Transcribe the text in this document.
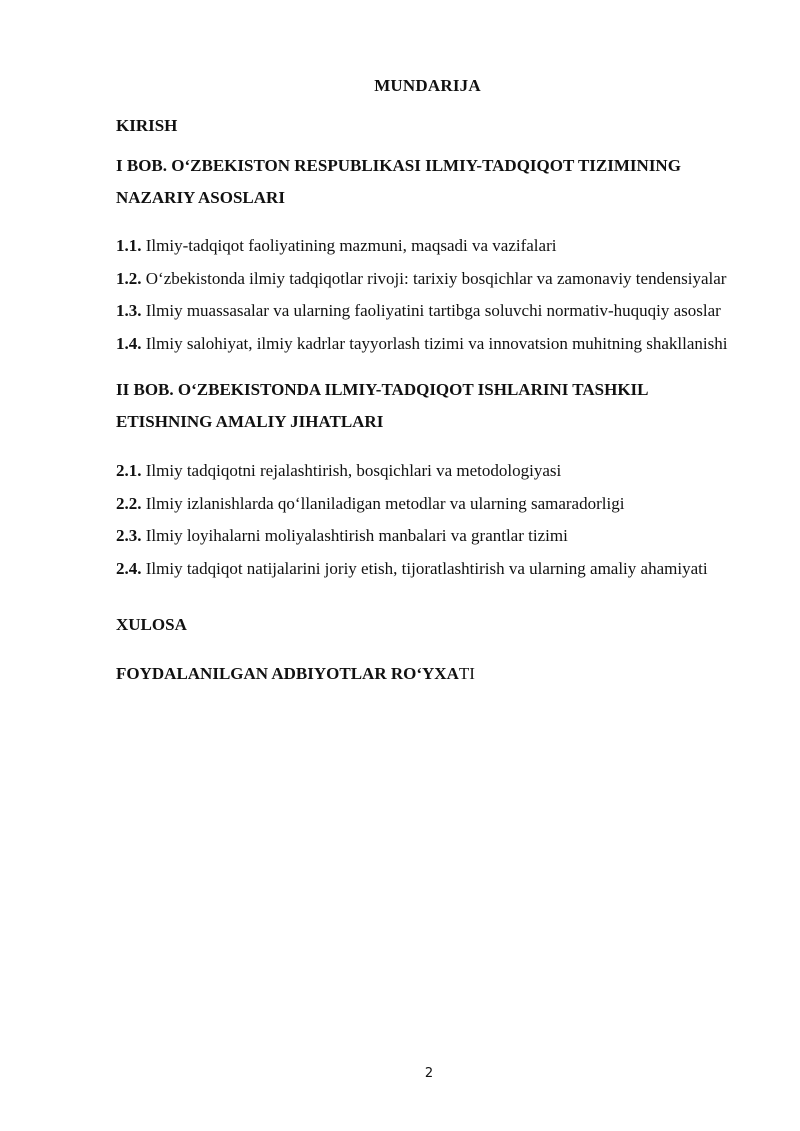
MUNDARIJA

KIRISH

I BOB. O‘ZBEKISTON RESPUBLIKASI ILMIY-TADQIQOT TIZIMINING NAZARIY ASOSLARI

1.1. Ilmiy-tadqiqot faoliyatining mazmuni, maqsadi va vazifalari

1.2. O‘zbekistonda ilmiy tadqiqotlar rivoji: tarixiy bosqichlar va zamonaviy tendensiyalar

1.3. Ilmiy muassasalar va ularning faoliyatini tartibga soluvchi normativ-huquqiy asoslar

1.4. Ilmiy salohiyat, ilmiy kadrlar tayyorlash tizimi va innovatsion muhitning shakllanishi

II BOB. O‘ZBEKISTONDA ILMIY-TADQIQOT ISHLARINI TASHKIL ETISHNING AMALIY JIHATLARI

2.1. Ilmiy tadqiqotni rejalashtirish, bosqichlari va metodologiyasi

2.2. Ilmiy izlanishlarda qo‘llaniladigan metodlar va ularning samaradorligi

2.3. Ilmiy loyihalarni moliyalashtirish manbalari va grantlar tizimi

2.4. Ilmiy tadqiqot natijalarini joriy etish, tijoratlashtirish va ularning amaliy ahamiyati

XULOSA

FOYDALANILGAN ADBIYOTLAR RO‘YXATI

2
